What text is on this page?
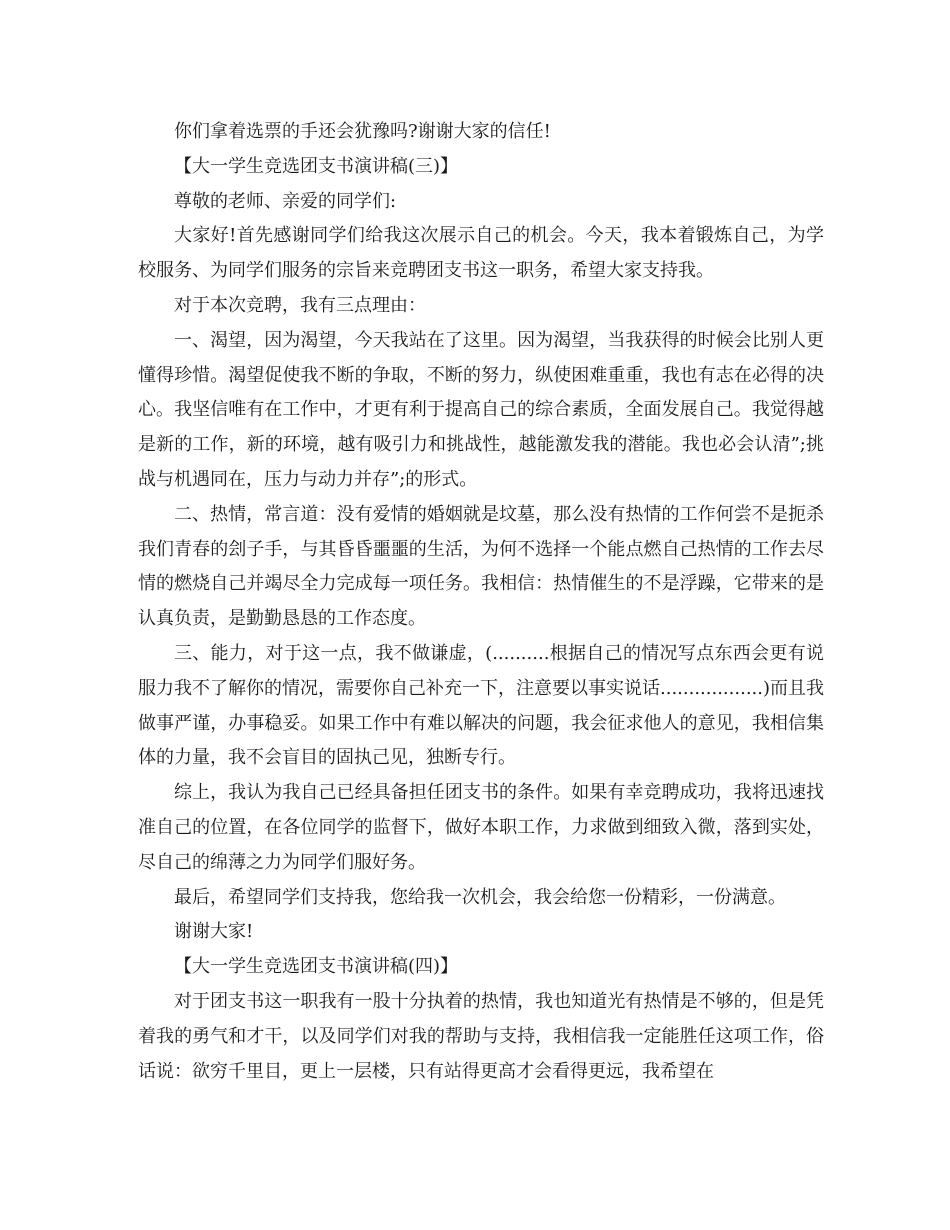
你们拿着选票的手还会犹豫吗?谢谢大家的信任!

【大一学生竞选团支书演讲稿(三)】

尊敬的老师、亲爱的同学们:

大家好!首先感谢同学们给我这次展示自己的机会。今天，我本着锻炼自己，为学校服务、为同学们服务的宗旨来竞聘团支书这一职务，希望大家支持我。

对于本次竞聘，我有三点理由：

一、渴望，因为渴望，今天我站在了这里。因为渴望，当我获得的时候会比别人更懂得珍惜。渴望促使我不断的争取，不断的努力，纵使困难重重，我也有志在必得的决心。我坚信唯有在工作中，才更有利于提高自己的综合素质，全面发展自己。我觉得越是新的工作，新的环境，越有吸引力和挑战性，越能激发我的潜能。我也必会认清”;挑战与机遇同在，压力与动力并存”;的形式。

二、热情，常言道：没有爱情的婚姻就是坟墓，那么没有热情的工作何尝不是扼杀我们青春的刽子手，与其昏昏噩噩的生活，为何不选择一个能点燃自己热情的工作去尽情的燃烧自己并竭尽全力完成每一项任务。我相信：热情催生的不是浮躁，它带来的是认真负责，是勤勤恳恳的工作态度。

三、能力，对于这一点，我不做谦虚，(..........根据自己的情况写点东西会更有说服力我不了解你的情况，需要你自己补充一下，注意要以事实说话..................)而且我做事严谨，办事稳妥。如果工作中有难以解决的问题，我会征求他人的意见，我相信集体的力量，我不会盲目的固执己见，独断专行。

综上，我认为我自己已经具备担任团支书的条件。如果有幸竞聘成功，我将迅速找准自己的位置，在各位同学的监督下，做好本职工作，力求做到细致入微，落到实处，尽自己的绵薄之力为同学们服好务。

最后，希望同学们支持我，您给我一次机会，我会给您一份精彩，一份满意。

谢谢大家!

【大一学生竞选团支书演讲稿(四)】

对于团支书这一职我有一股十分执着的热情，我也知道光有热情是不够的，但是凭着我的勇气和才干，以及同学们对我的帮助与支持，我相信我一定能胜任这项工作，俗话说：欲穷千里目，更上一层楼，只有站得更高才会看得更远，我希望在
